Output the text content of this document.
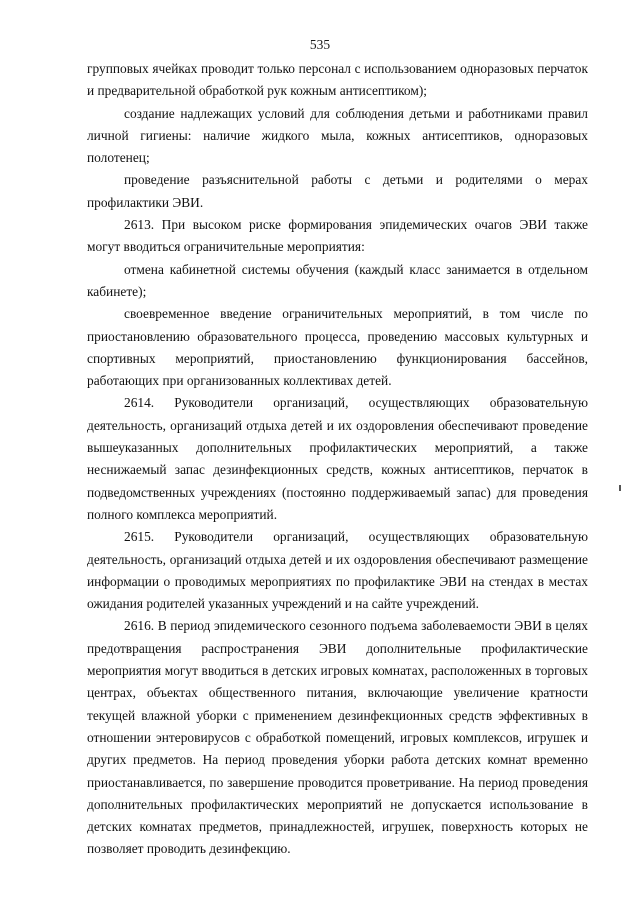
535

групповых ячейках проводит только персонал с использованием одноразовых перчаток и предварительной обработкой рук кожным антисептиком);

создание надлежащих условий для соблюдения детьми и работниками правил личной гигиены: наличие жидкого мыла, кожных антисептиков, одноразовых полотенец;

проведение разъяснительной работы с детьми и родителями о мерах профилактики ЭВИ.

2613. При высоком риске формирования эпидемических очагов ЭВИ также могут вводиться ограничительные мероприятия:

отмена кабинетной системы обучения (каждый класс занимается в отдельном кабинете);

своевременное введение ограничительных мероприятий, в том числе по приостановлению образовательного процесса, проведению массовых культурных и спортивных мероприятий, приостановлению функционирования бассейнов, работающих при организованных коллективах детей.

2614. Руководители организаций, осуществляющих образовательную деятельность, организаций отдыха детей и их оздоровления обеспечивают проведение вышеуказанных дополнительных профилактических мероприятий, а также неснижаемый запас дезинфекционных средств, кожных антисептиков, перчаток в подведомственных учреждениях (постоянно поддерживаемый запас) для проведения полного комплекса мероприятий.

2615. Руководители организаций, осуществляющих образовательную деятельность, организаций отдыха детей и их оздоровления обеспечивают размещение информации о проводимых мероприятиях по профилактике ЭВИ на стендах в местах ожидания родителей указанных учреждений и на сайте учреждений.

2616. В период эпидемического сезонного подъема заболеваемости ЭВИ в целях предотвращения распространения ЭВИ дополнительные профилактические мероприятия могут вводиться в детских игровых комнатах, расположенных в торговых центрах, объектах общественного питания, включающие увеличение кратности текущей влажной уборки с применением дезинфекционных средств эффективных в отношении энтеровирусов с обработкой помещений, игровых комплексов, игрушек и других предметов. На период проведения уборки работа детских комнат временно приостанавливается, по завершение проводится проветривание. На период проведения дополнительных профилактических мероприятий не допускается использование в детских комнатах предметов, принадлежностей, игрушек, поверхность которых не позволяет проводить дезинфекцию.
